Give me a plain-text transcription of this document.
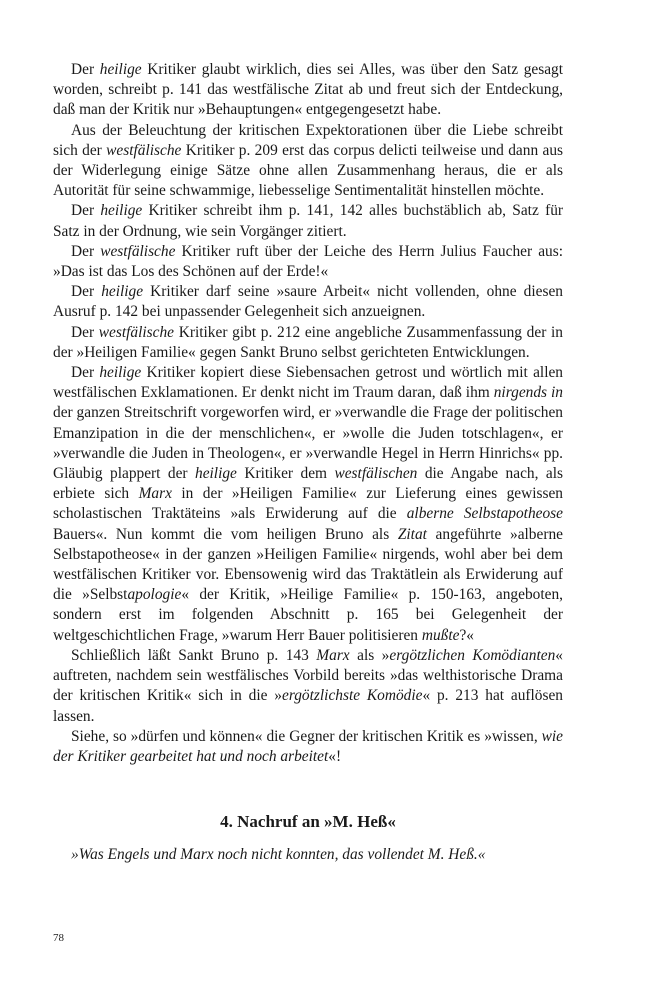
Der heilige Kritiker glaubt wirklich, dies sei Alles, was über den Satz gesagt worden, schreibt p. 141 das westfälische Zitat ab und freut sich der Entdeckung, daß man der Kritik nur »Behauptungen« entgegengesetzt habe.

Aus der Beleuchtung der kritischen Expektorationen über die Liebe schreibt sich der westfälische Kritiker p. 209 erst das corpus delicti teilweise und dann aus der Widerlegung einige Sätze ohne allen Zusammenhang heraus, die er als Autorität für seine schwammige, liebesselige Sentimentalität hinstellen möchte.

Der heilige Kritiker schreibt ihm p. 141, 142 alles buchstäblich ab, Satz für Satz in der Ordnung, wie sein Vorgänger zitiert.

Der westfälische Kritiker ruft über der Leiche des Herrn Julius Faucher aus: »Das ist das Los des Schönen auf der Erde!«

Der heilige Kritiker darf seine »saure Arbeit« nicht vollenden, ohne diesen Ausruf p. 142 bei unpassender Gelegenheit sich anzueignen.

Der westfälische Kritiker gibt p. 212 eine angebliche Zusammenfassung der in der »Heiligen Familie« gegen Sankt Bruno selbst gerichteten Entwicklungen.

Der heilige Kritiker kopiert diese Siebensachen getrost und wörtlich mit allen westfälischen Exklamationen. Er denkt nicht im Traum daran, daß ihm nirgends in der ganzen Streitschrift vorgeworfen wird, er »verwandle die Frage der politischen Emanzipation in die der menschlichen«, er »wolle die Juden totschlagen«, er »verwandle die Juden in Theologen«, er »verwandle Hegel in Herrn Hinrichs« pp. Gläubig plappert der heilige Kritiker dem westfälischen die Angabe nach, als erbiete sich Marx in der »Heiligen Familie« zur Lieferung eines gewissen scholastischen Traktäteins »als Erwiderung auf die alberne Selbstapotheose Bauers«. Nun kommt die vom heiligen Bruno als Zitat angeführte »alberne Selbstapotheose« in der ganzen »Heiligen Familie« nirgends, wohl aber bei dem westfälischen Kritiker vor. Ebensowenig wird das Traktätlein als Erwiderung auf die »Selbstapologie« der Kritik, »Heilige Familie« p. 150-163, angeboten, sondern erst im folgenden Abschnitt p. 165 bei Gelegenheit der weltgeschichtlichen Frage, »warum Herr Bauer politisieren mußte?«

Schließlich läßt Sankt Bruno p. 143 Marx als »ergötzlichen Komödianten« auftreten, nachdem sein westfälisches Vorbild bereits »das welthistorische Drama der kritischen Kritik« sich in die »ergötzlichste Komödie« p. 213 hat auflösen lassen.

Siehe, so »dürfen und können« die Gegner der kritischen Kritik es »wissen, wie der Kritiker gearbeitet hat und noch arbeitet«!

4. Nachruf an »M. Heß«

»Was Engels und Marx noch nicht konnten, das vollendet M. Heß.«

78
